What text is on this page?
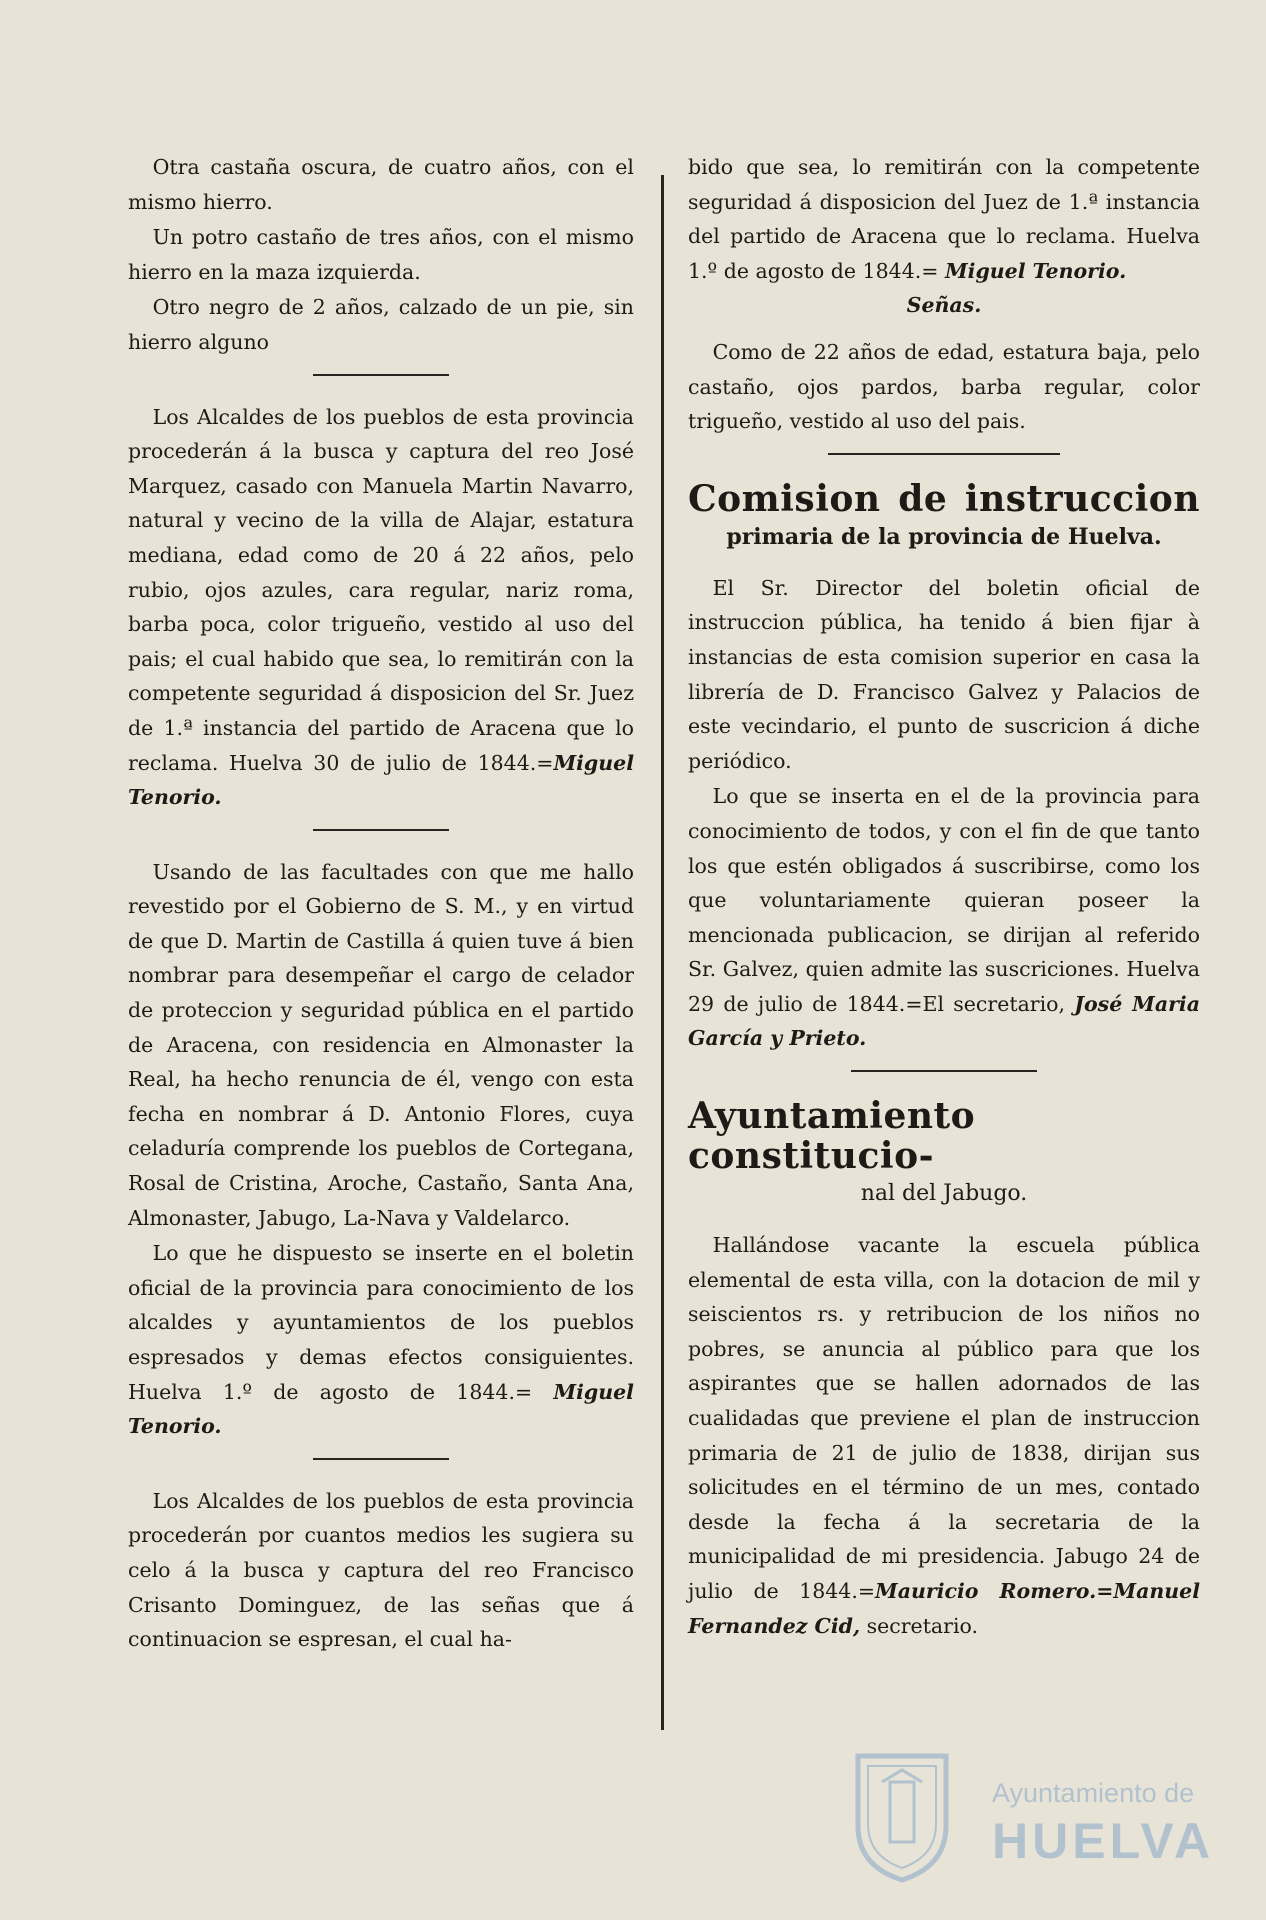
Otra castaña oscura, de cuatro años, con el mismo hierro.

Un potro castaño de tres años, con el mismo hierro en la maza izquierda.

Otro negro de 2 años, calzado de un pie, sin hierro alguno

Los Alcaldes de los pueblos de esta provincia procederán á la busca y captura del reo José Marquez, casado con Manuela Martin Navarro, natural y vecino de la villa de Alajar, estatura mediana, edad como de 20 á 22 años, pelo rubio, ojos azules, cara regular, nariz roma, barba poca, color trigueño, vestido al uso del pais; el cual habido que sea, lo remitirán con la competente seguridad á disposicion del Sr. Juez de 1.ª instancia del partido de Aracena que lo reclama. Huelva 30 de julio de 1844.=Miguel Tenorio.

Usando de las facultades con que me hallo revestido por el Gobierno de S. M., y en virtud de que D. Martin de Castilla á quien tuve á bien nombrar para desempeñar el cargo de celador de proteccion y seguridad pública en el partido de Aracena, con residencia en Almonaster la Real, ha hecho renuncia de él, vengo con esta fecha en nombrar á D. Antonio Flores, cuya celaduría comprende los pueblos de Cortegana, Rosal de Cristina, Aroche, Castaño, Santa Ana, Almonaster, Jabugo, La-Nava y Valdelarco.

Lo que he dispuesto se inserte en el boletin oficial de la provincia para conocimiento de los alcaldes y ayuntamientos de los pueblos espresados y demas efectos consiguientes. Huelva 1.º de agosto de 1844.= Miguel Tenorio.

Los Alcaldes de los pueblos de esta provincia procederán por cuantos medios les sugiera su celo á la busca y captura del reo Francisco Crisanto Dominguez, de las señas que á continuacion se espresan, el cual ha-

bido que sea, lo remitirán con la competente seguridad á disposicion del Juez de 1.ª instancia del partido de Aracena que lo reclama. Huelva 1.º de agosto de 1844.= Miguel Tenorio.

Señas.

Como de 22 años de edad, estatura baja, pelo castaño, ojos pardos, barba regular, color trigueño, vestido al uso del pais.

Comision de instruccion
primaria de la provincia de Huelva.

El Sr. Director del boletin oficial de instruccion pública, ha tenido á bien fijar à instancias de esta comision superior en casa la librería de D. Francisco Galvez y Palacios de este vecindario, el punto de suscricion á diche periódico.

Lo que se inserta en el de la provincia para conocimiento de todos, y con el fin de que tanto los que estén obligados á suscribirse, como los que voluntariamente quieran poseer la mencionada publicacion, se dirijan al referido Sr. Galvez, quien admite las suscriciones. Huelva 29 de julio de 1844.=El secretario, José Maria García y Prieto.

Ayuntamiento constitucio-
nal del Jabugo.

Hallándose vacante la escuela pública elemental de esta villa, con la dotacion de mil y seiscientos rs. y retribucion de los niños no pobres, se anuncia al público para que los aspirantes que se hallen adornados de las cualidadas que previene el plan de instruccion primaria de 21 de julio de 1838, dirijan sus solicitudes en el término de un mes, contado desde la fecha á la secretaria de la municipalidad de mi presidencia. Jabugo 24 de julio de 1844.=Mauricio Romero.=Manuel Fernandez Cid, secretario.

Ayuntamiento de
HUELVA
